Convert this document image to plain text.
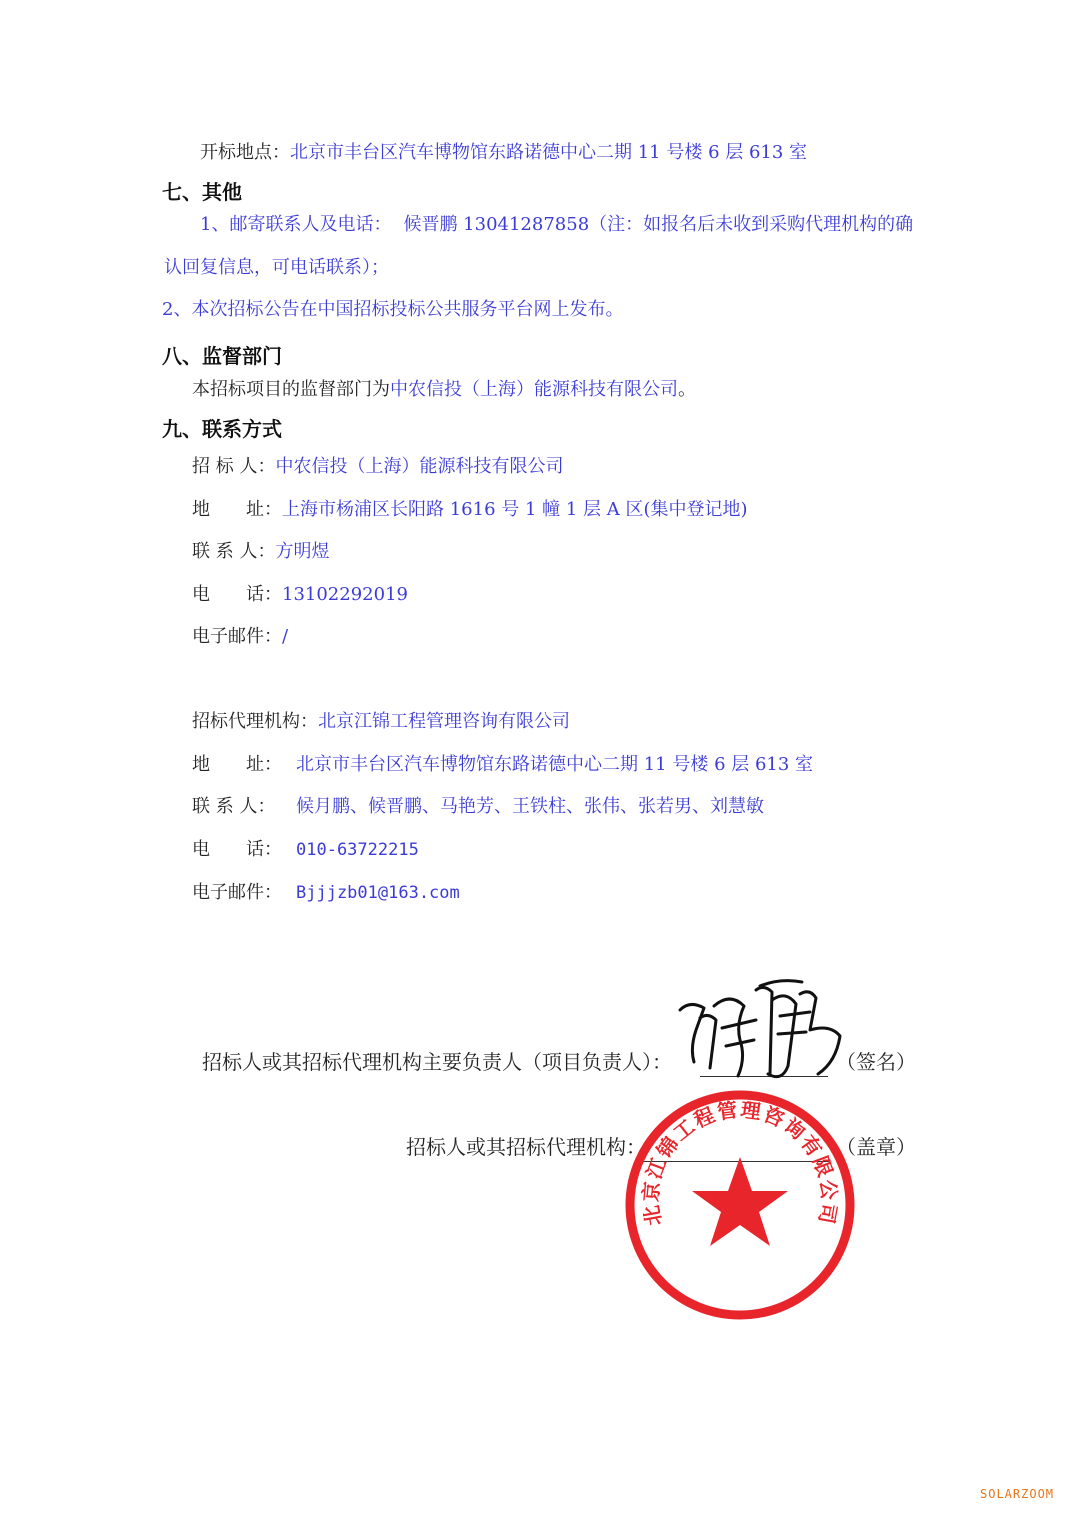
开标地点：北京市丰台区汽车博物馆东路诺德中心二期 11 号楼 6 层 613 室
七、其他
1、邮寄联系人及电话： 候晋鹏 13041287858（注：如报名后未收到采购代理机构的确
认回复信息，可电话联系）；
2、本次招标公告在中国招标投标公共服务平台网上发布。
八、监督部门
本招标项目的监督部门为中农信投（上海）能源科技有限公司。
九、联系方式
招 标 人：中农信投（上海）能源科技有限公司
地　　址：上海市杨浦区长阳路 1616 号 1 幢 1 层 A 区(集中登记地)
联 系 人：方明煜
电　　话：13102292019
电子邮件：/
招标代理机构：北京江锦工程管理咨询有限公司
地　　址： 北京市丰台区汽车博物馆东路诺德中心二期 11 号楼 6 层 613 室
联 系 人： 候月鹏、候晋鹏、马艳芳、王铁柱、张伟、张若男、刘慧敏
电　　话： 010-63722215
电子邮件： Bjjjzb01@163.com
招标人或其招标代理机构主要负责人（项目负责人）：	（签名）
招标人或其招标代理机构：	（盖章）
北京江锦工程管理咨询有限公司
SOLARZOOM
